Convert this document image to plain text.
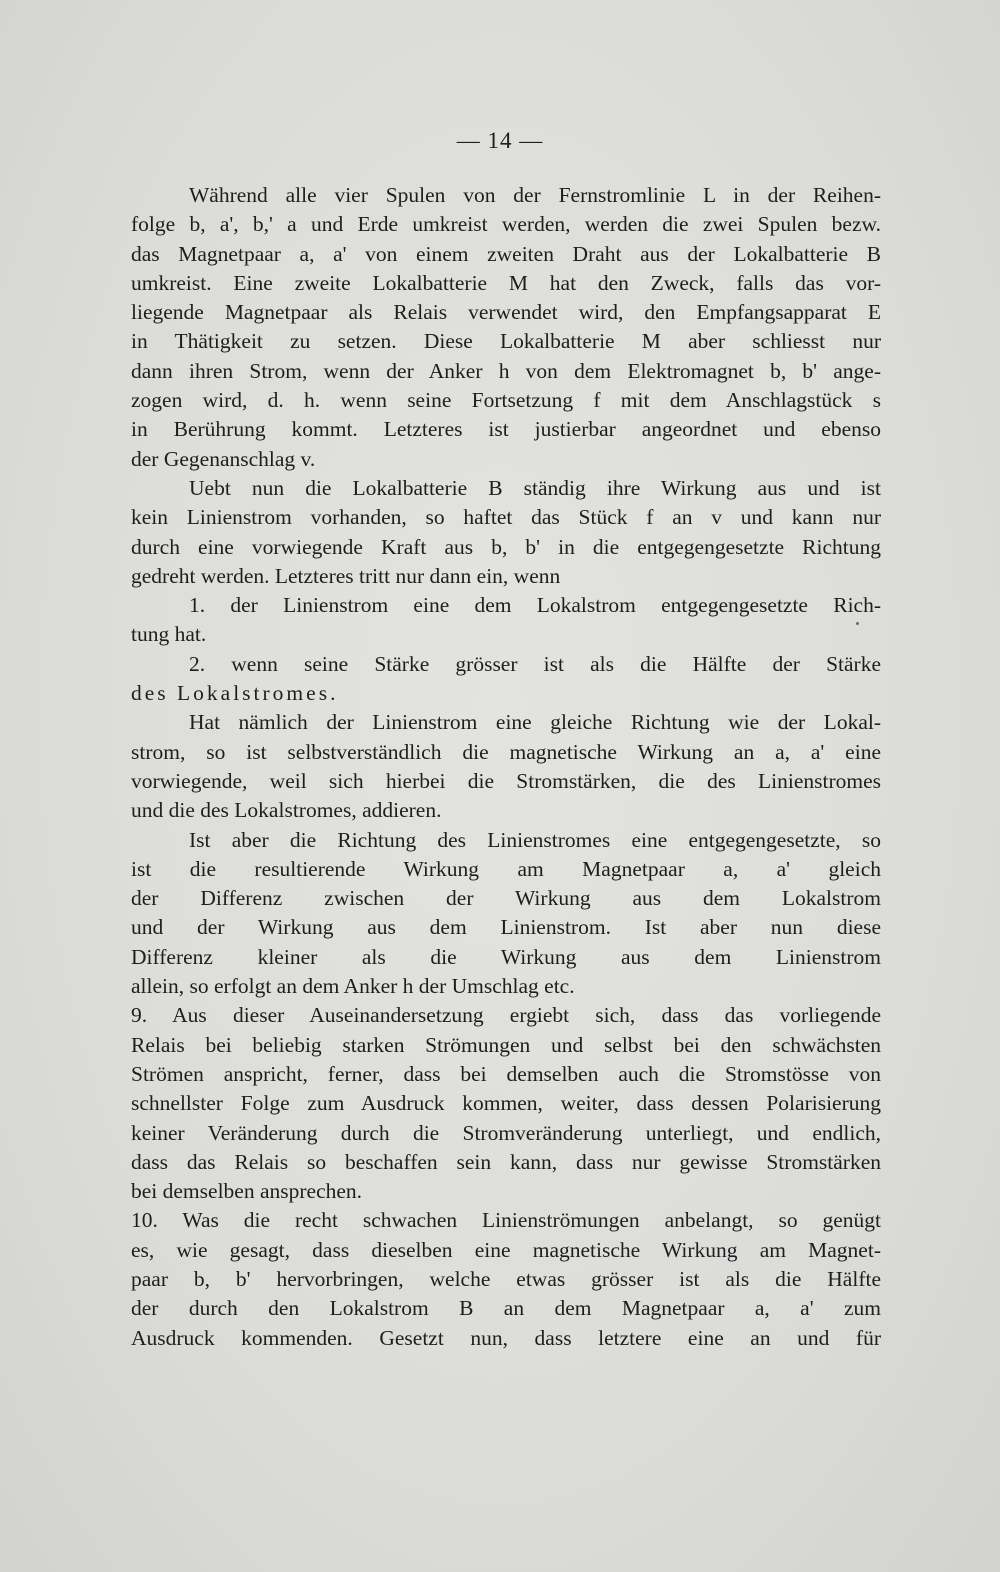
— 14 —
Während alle vier Spulen von der Fernstromlinie L in der Reihen-
folge b, a', b,' a und Erde umkreist werden, werden die zwei Spulen bezw.
das Magnetpaar a, a' von einem zweiten Draht aus der Lokalbatterie B
umkreist. Eine zweite Lokalbatterie M hat den Zweck, falls das vor-
liegende Magnetpaar als Relais verwendet wird, den Empfangsapparat E
in Thätigkeit zu setzen. Diese Lokalbatterie M aber schliesst nur
dann ihren Strom, wenn der Anker h von dem Elektromagnet b, b' ange-
zogen wird, d. h. wenn seine Fortsetzung f mit dem Anschlagstück s
in Berührung kommt. Letzteres ist justierbar angeordnet und ebenso
der Gegenanschlag v.
Uebt nun die Lokalbatterie B ständig ihre Wirkung aus und ist
kein Linienstrom vorhanden, so haftet das Stück f an v und kann nur
durch eine vorwiegende Kraft aus b, b' in die entgegengesetzte Richtung
gedreht werden. Letzteres tritt nur dann ein, wenn
1. der Linienstrom eine dem Lokalstrom entgegengesetzte Rich-
tung hat.
2. wenn seine Stärke grösser ist als die Hälfte der Stärke
des Lokalstromes.
Hat nämlich der Linienstrom eine gleiche Richtung wie der Lokal-
strom, so ist selbstverständlich die magnetische Wirkung an a, a' eine
vorwiegende, weil sich hierbei die Stromstärken, die des Linienstromes
und die des Lokalstromes, addieren.
Ist aber die Richtung des Linienstromes eine entgegengesetzte, so
ist die resultierende Wirkung am Magnetpaar a, a' gleich
der Differenz zwischen der Wirkung aus dem Lokalstrom
und der Wirkung aus dem Linienstrom. Ist aber nun diese
Differenz kleiner als die Wirkung aus dem Linienstrom
allein, so erfolgt an dem Anker h der Umschlag etc.
9. Aus dieser Auseinandersetzung ergiebt sich, dass das vorliegende
Relais bei beliebig starken Strömungen und selbst bei den schwächsten
Strömen anspricht, ferner, dass bei demselben auch die Stromstösse von
schnellster Folge zum Ausdruck kommen, weiter, dass dessen Polarisierung
keiner Veränderung durch die Stromveränderung unterliegt, und endlich,
dass das Relais so beschaffen sein kann, dass nur gewisse Stromstärken
bei demselben ansprechen.
10. Was die recht schwachen Linienströmungen anbelangt, so genügt
es, wie gesagt, dass dieselben eine magnetische Wirkung am Magnet-
paar b, b' hervorbringen, welche etwas grösser ist als die Hälfte
der durch den Lokalstrom B an dem Magnetpaar a, a' zum
Ausdruck kommenden. Gesetzt nun, dass letztere eine an und für
